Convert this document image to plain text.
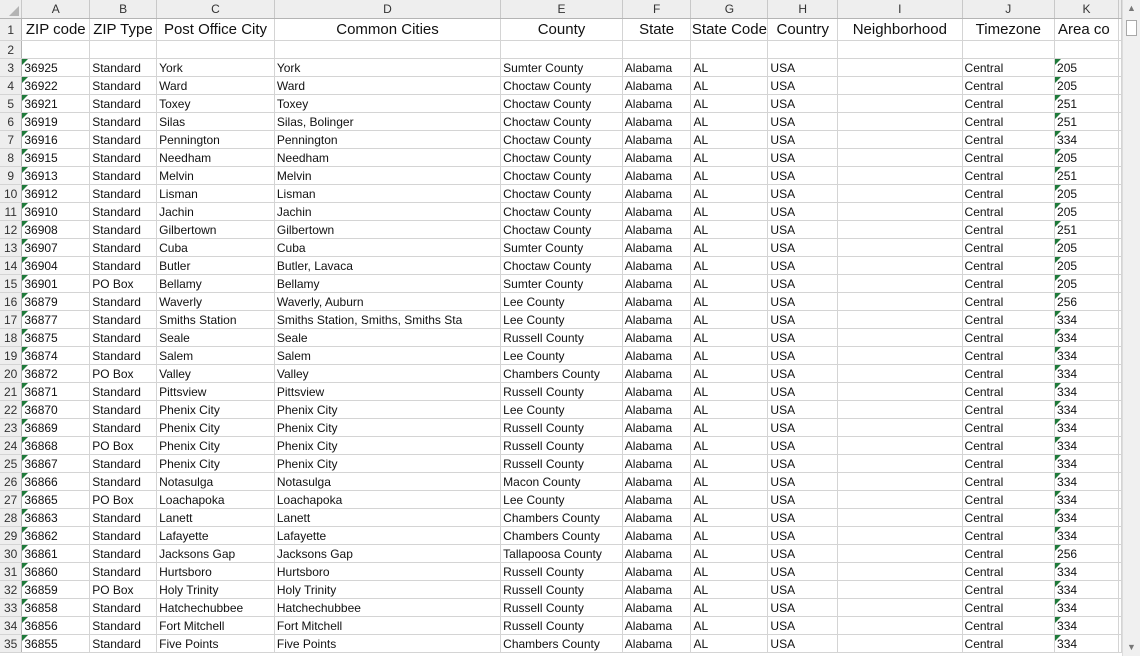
	A	B	C	D	E	F	G	H	I	J	K	
1	ZIP code	ZIP Type	Post Office City	Common Cities	County	State	State Code	Country	Neighborhood	Timezone	Area co	
2												
3	36925	Standard	York	York	Sumter County	Alabama	AL	USA		Central	205	
4	36922	Standard	Ward	Ward	Choctaw County	Alabama	AL	USA		Central	205	
5	36921	Standard	Toxey	Toxey	Choctaw County	Alabama	AL	USA		Central	251	
6	36919	Standard	Silas	Silas, Bolinger	Choctaw County	Alabama	AL	USA		Central	251	
7	36916	Standard	Pennington	Pennington	Choctaw County	Alabama	AL	USA		Central	334	
8	36915	Standard	Needham	Needham	Choctaw County	Alabama	AL	USA		Central	205	
9	36913	Standard	Melvin	Melvin	Choctaw County	Alabama	AL	USA		Central	251	
10	36912	Standard	Lisman	Lisman	Choctaw County	Alabama	AL	USA		Central	205	
11	36910	Standard	Jachin	Jachin	Choctaw County	Alabama	AL	USA		Central	205	
12	36908	Standard	Gilbertown	Gilbertown	Choctaw County	Alabama	AL	USA		Central	251	
13	36907	Standard	Cuba	Cuba	Sumter County	Alabama	AL	USA		Central	205	
14	36904	Standard	Butler	Butler, Lavaca	Choctaw County	Alabama	AL	USA		Central	205	
15	36901	PO Box	Bellamy	Bellamy	Sumter County	Alabama	AL	USA		Central	205	
16	36879	Standard	Waverly	Waverly, Auburn	Lee County	Alabama	AL	USA		Central	256	
17	36877	Standard	Smiths Station	Smiths Station, Smiths, Smiths Sta	Lee County	Alabama	AL	USA		Central	334	
18	36875	Standard	Seale	Seale	Russell County	Alabama	AL	USA		Central	334	
19	36874	Standard	Salem	Salem	Lee County	Alabama	AL	USA		Central	334	
20	36872	PO Box	Valley	Valley	Chambers County	Alabama	AL	USA		Central	334	
21	36871	Standard	Pittsview	Pittsview	Russell County	Alabama	AL	USA		Central	334	
22	36870	Standard	Phenix City	Phenix City	Lee County	Alabama	AL	USA		Central	334	
23	36869	Standard	Phenix City	Phenix City	Russell County	Alabama	AL	USA		Central	334	
24	36868	PO Box	Phenix City	Phenix City	Russell County	Alabama	AL	USA		Central	334	
25	36867	Standard	Phenix City	Phenix City	Russell County	Alabama	AL	USA		Central	334	
26	36866	Standard	Notasulga	Notasulga	Macon County	Alabama	AL	USA		Central	334	
27	36865	PO Box	Loachapoka	Loachapoka	Lee County	Alabama	AL	USA		Central	334	
28	36863	Standard	Lanett	Lanett	Chambers County	Alabama	AL	USA		Central	334	
29	36862	Standard	Lafayette	Lafayette	Chambers County	Alabama	AL	USA		Central	334	
30	36861	Standard	Jacksons Gap	Jacksons Gap	Tallapoosa County	Alabama	AL	USA		Central	256	
31	36860	Standard	Hurtsboro	Hurtsboro	Russell County	Alabama	AL	USA		Central	334	
32	36859	PO Box	Holy Trinity	Holy Trinity	Russell County	Alabama	AL	USA		Central	334	
33	36858	Standard	Hatchechubbee	Hatchechubbee	Russell County	Alabama	AL	USA		Central	334	
34	36856	Standard	Fort Mitchell	Fort Mitchell	Russell County	Alabama	AL	USA		Central	334	
35	36855	Standard	Five Points	Five Points	Chambers County	Alabama	AL	USA		Central	334	
▲
▼
